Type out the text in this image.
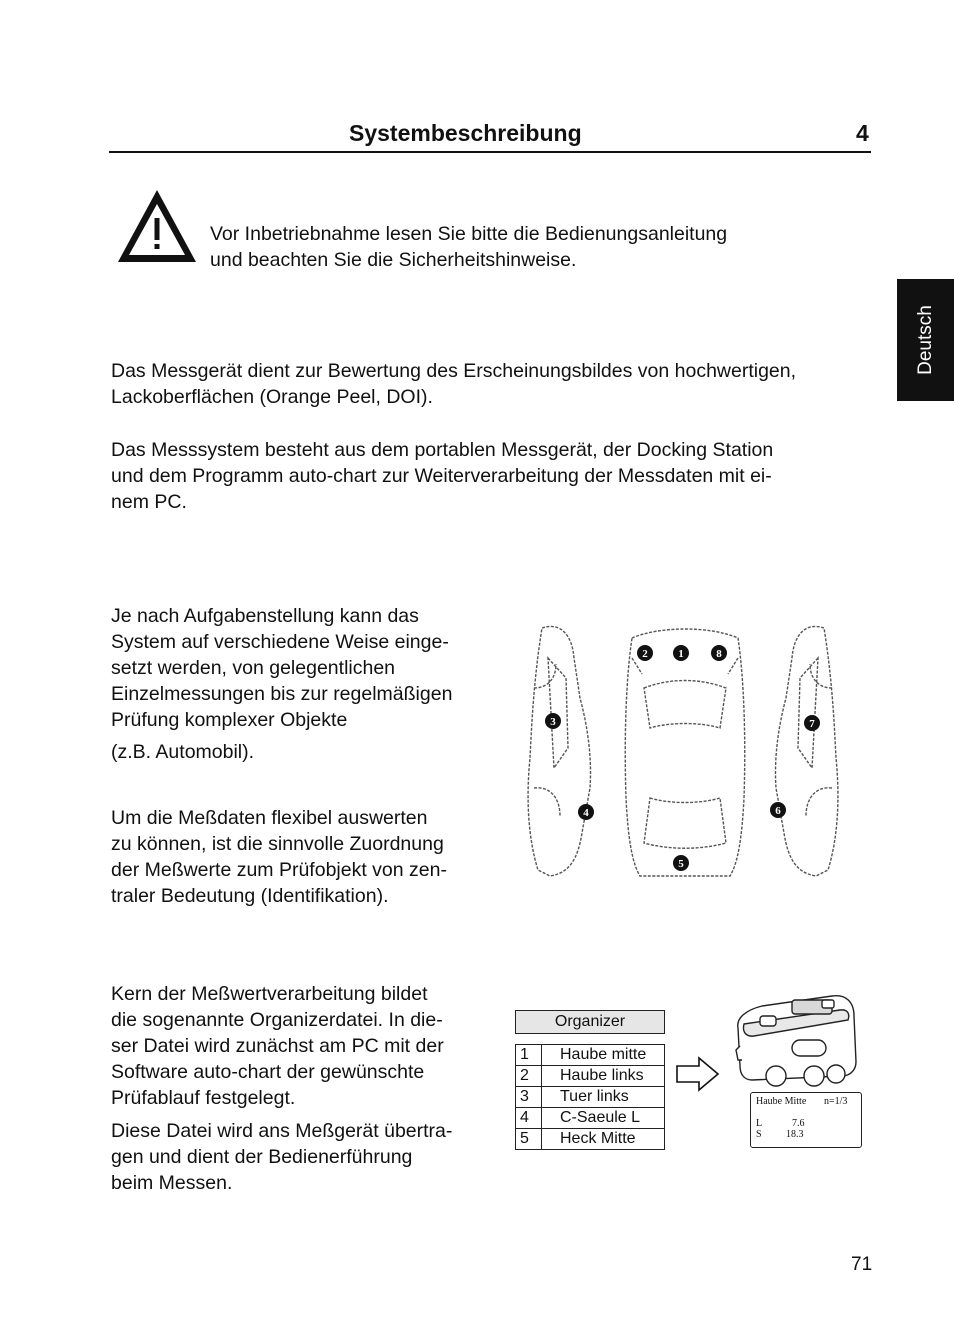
Systembeschreibung	4
Deutsch

Vor Inbetriebnahme lesen Sie bitte die Bedienungsanleitung

und beachten Sie die Sicherheitshinweise.

Das Messgerät dient zur Bewertung des Erscheinungsbildes von hochwertigen,

Lackoberflächen (Orange Peel, DOI).

Das Messsystem besteht aus dem portablen Messgerät, der Docking Station

und dem Programm auto-chart zur Weiterverarbeitung der Messdaten mit ei-

nem PC.

Je nach Aufgabenstellung kann das

System auf verschiedene Weise einge-

setzt werden, von gelegentlichen

Einzelmessungen bis zur regelmäßigen

Prüfung komplexer Objekte

(z.B. Automobil).

Um die Meßdaten flexibel auswerten

zu können, ist die sinnvolle Zuordnung

der Meßwerte zum Prüfobjekt von zen-

traler Bedeutung (Identifikation).

2	1	8
3	7
4	6
5

Kern der Meßwertverarbeitung bildet

die sogenannte Organizerdatei. In die-

ser Datei wird zunächst am PC mit der

Software auto-chart der gewünschte

Prüfablauf festgelegt.

Diese Datei wird ans Meßgerät übertra-

gen und dient der Bedienerführung

beim Messen.

Organizer
1	Haube mitte
2	Haube links
3	Tuer links
4	C-Saeule L
5	Heck Mitte
Haube Mitte n=1/3
L	7.6
S 18.3
71
